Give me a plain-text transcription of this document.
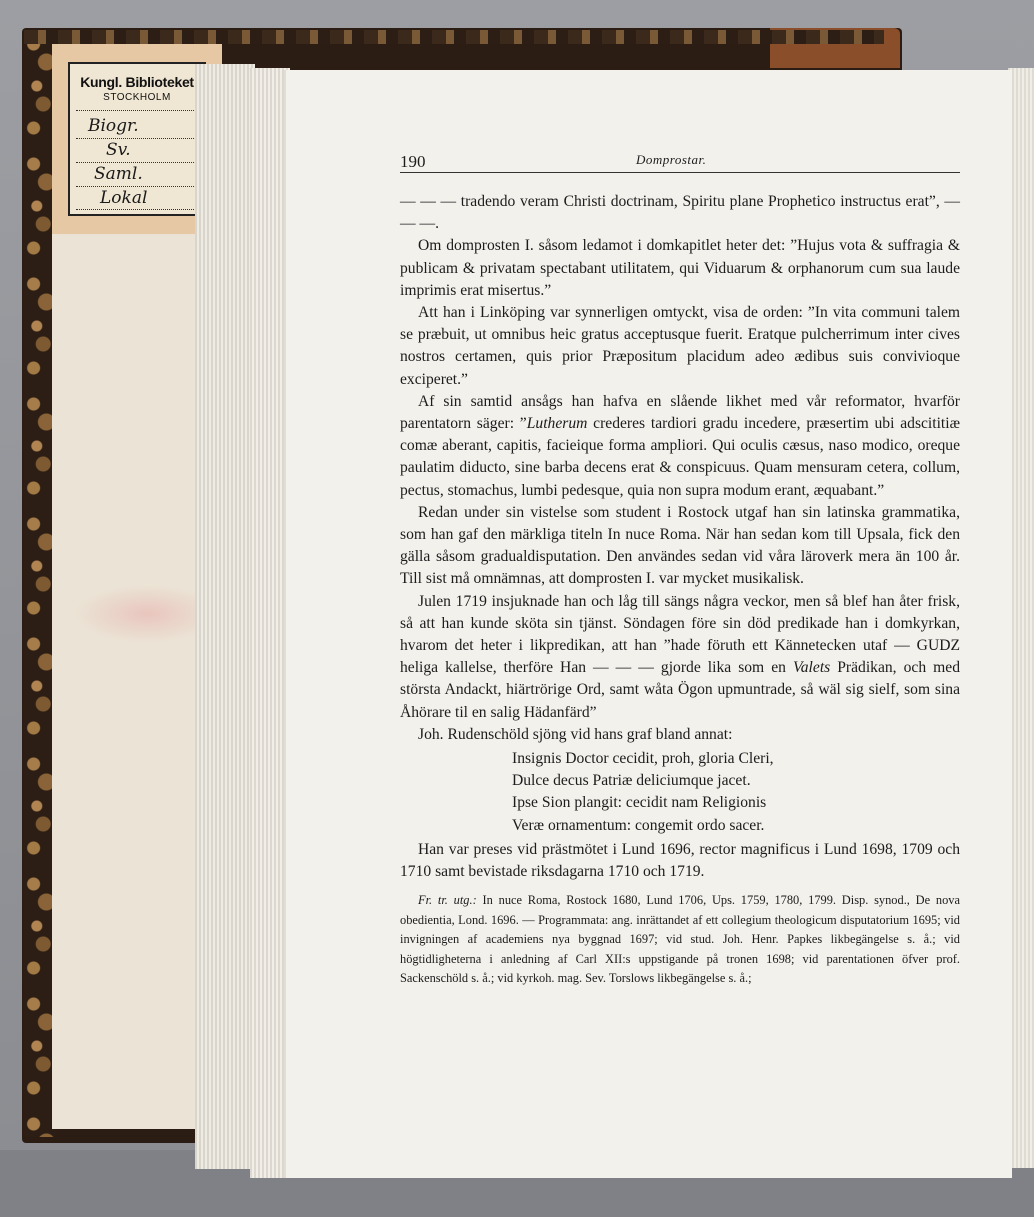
Kungl. Biblioteket
STOCKHOLM
Biogr.
Sv.
Saml.
Lokal
190	Domprostar.

— — — tradendo veram Christi doctrinam, Spiritu plane Prophetico instructus erat”, — — —.

Om domprosten I. såsom ledamot i domkapitlet heter det: ”Hujus vota & suffragia & publicam & privatam spectabant utilitatem, qui Viduarum & orphanorum cum sua laude imprimis erat misertus.”

Att han i Linköping var synnerligen omtyckt, visa de orden: ”In vita communi talem se præbuit, ut omnibus heic gratus acceptusque fuerit. Eratque pulcherrimum inter cives nostros certamen, quis prior Præpositum placidum adeo ædibus suis convivioque exciperet.”

Af sin samtid ansågs han hafva en slående likhet med vår reformator, hvarför parentatorn säger: ”Lutherum crederes tardiori gradu incedere, præsertim ubi adscititiæ comæ aberant, capitis, facieique forma ampliori. Qui oculis cæsus, naso modico, oreque paulatim diducto, sine barba decens erat & conspicuus. Quam mensuram cetera, collum, pectus, stomachus, lumbi pedesque, quia non supra modum erant, æquabant.”

Redan under sin vistelse som student i Rostock utgaf han sin latinska grammatika, som han gaf den märkliga titeln In nuce Roma. När han sedan kom till Upsala, fick den gälla såsom gradualdisputation. Den användes sedan vid våra läroverk mera än 100 år. Till sist må omnämnas, att domprosten I. var mycket musikalisk.

Julen 1719 insjuknade han och låg till sängs några veckor, men så blef han åter frisk, så att han kunde sköta sin tjänst. Söndagen före sin död predikade han i domkyrkan, hvarom det heter i likpredikan, att han ”hade föruth ett Kännetecken utaf — GUDZ heliga kallelse, therföre Han — — — gjorde lika som en Valets Prädikan, och med största Andackt, hiärtrörige Ord, samt wåta Ögon upmuntrade, så wäl sig sielf, som sina Åhörare til en salig Hädanfärd”

Joh. Rudenschöld sjöng vid hans graf bland annat:

Insignis Doctor cecidit, proh, gloria Cleri,
Dulce decus Patriæ deliciumque jacet.
Ipse Sion plangit: cecidit nam Religionis
Veræ ornamentum: congemit ordo sacer.

Han var preses vid prästmötet i Lund 1696, rector magnificus i Lund 1698, 1709 och 1710 samt bevistade riksdagarna 1710 och 1719.

Fr. tr. utg.: In nuce Roma, Rostock 1680, Lund 1706, Ups. 1759, 1780, 1799. Disp. synod., De nova obedientia, Lond. 1696. — Programmata: ang. inrättandet af ett collegium theologicum disputatorium 1695; vid invigningen af academiens nya byggnad 1697; vid stud. Joh. Henr. Papkes likbegängelse s. å.; vid högtidligheterna i anledning af Carl XII:s uppstigande på tronen 1698; vid parentationen öfver prof. Sackenschöld s. å.; vid kyrkoh. mag. Sev. Torslows likbegängelse s. å.;
